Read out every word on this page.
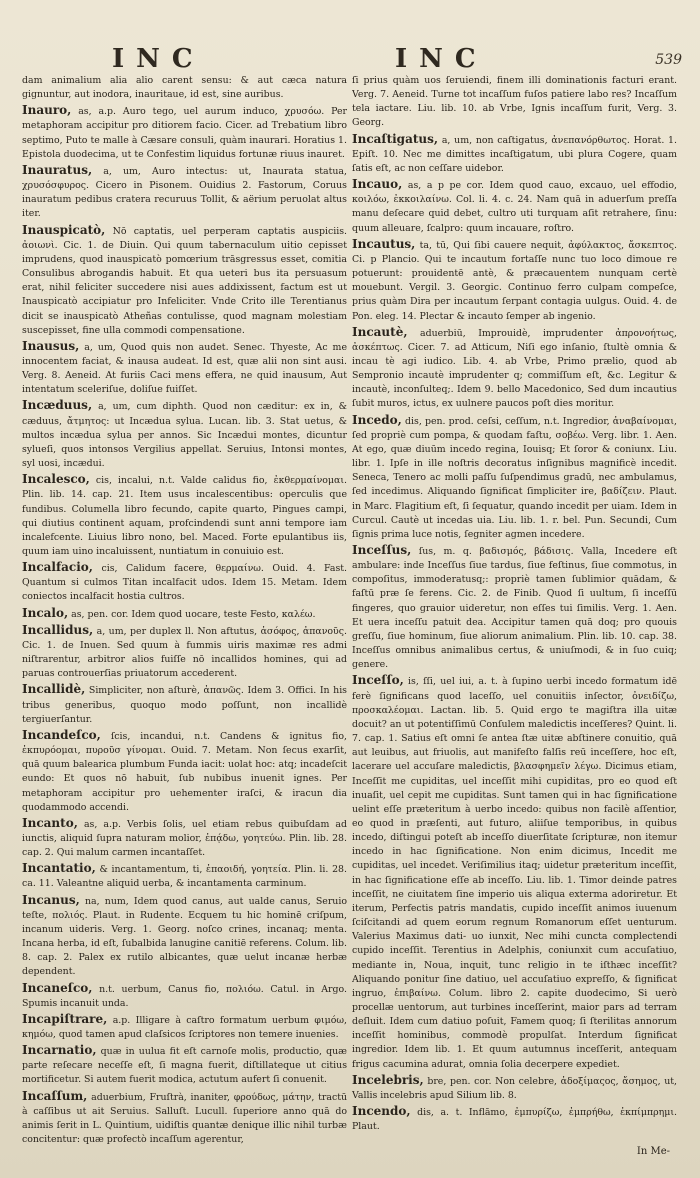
INC	INC	539

dam animalium alia alio carent sensu: & aut cæca natura gignuntur, aut inodora, inauritaue, id est, sine auribus.

Inauro, as, a.p. Auro tego, uel aurum induco, χρυσόω. Per metaphoram accipitur pro ditiorem facio. Cicer. ad Trebatium libro septimo, Puto te malle à Cæsare consuli, quàm inaurari. Horatius 1. Epistola duodecima, ut te Confestim liquidus fortunæ riuus inauret.

Inauratus, a, um, Auro intectus: ut, Inaurata statua, χρυσόσφυρος. Cicero in Pisonem. Ouidius 2. Fastorum, Coruus inauratum pedibus cratera recuruus Tollit, & aërium peruolat altus iter.

Inauspicatò, Nō captatis, uel perperam captatis auspiciis. ἀοιωνὶ. Cic. 1. de Diuin. Qui quum tabernaculum uitio cepisset imprudens, quod inauspicatò pomœrium trāsgressus esset, comitia Consulibus abrogandis habuit. Et qua ueteri bus ita persuasum erat, nihil feliciter succedere nisi aues addixissent, factum est ut Inauspicatò accipiatur pro Infeliciter. Vnde Crito ille Terentianus dicit se inauspicatò Atheñas contulisse, quod magnam molestiam suscepisset, fine ulla commodi compensatione.

Inausus, a, um, Quod quis non audet. Senec. Thyeste, Ac me innocentem faciat, & inausa audeat. Id est, quæ alii non sint ausi. Verg. 8. Aeneid. At furiis Caci mens effera, ne quid inausum, Aut intentatum sceleriſue, doliſue fuiſſet.

Incæduus, a, um, cum diphth. Quod non cæditur: ex in, & cæduus, ἄτμητος: ut Incædua sylua. Lucan. lib. 3. Stat uetus, & multos incædua sylua per annos. Sic Incædui montes, dicuntur sylueſi, quos intonsos Vergilius appellat. Seruius, Intonsi montes, syl uosi, incædui.

Incalesco, cis, incalui, n.t. Valde calidus fio, ἐκθερμαίνομαι. Plin. lib. 14. cap. 21. Item usus incalescentibus: operculis que fundibus. Columella libro fecundo, capite quarto, Pingues campi, qui diutius continent aquam, profcindendi sunt anni tempore iam incalefcente. Liuius libro nono, bel. Maced. Forte epulantibus iis, quum iam uino incaluissent, nuntiatum in conuiuio est.

Incalfacio, cis, Calidum facere, θερμαίνω. Ouid. 4. Fast. Quantum si culmos Titan incalfacit udos. Idem 15. Metam. Idem coniectos incalfacit hostia cultros.

Incalo, as, pen. cor. Idem quod uocare, teste Festo, καλέω.

Incallidus, a, um, per duplex ll. Non aftutus, ἀσόφος, ἀπανοῦς. Cic. 1. de Inuen. Sed quum à fummis uiris maximæ res admi niſtrarentur, arbitror alios fuiſſe nō incallidos homines, qui ad paruas controuerſias priuatorum accederent.

Incallidè, Simpliciter, non aſturè, ἀπανῶς. Idem 3. Offici. In his tribus generibus, quoquo modo poſſunt, non incallidè tergiuerſantur.

Incandeſco, ſcis, incandui, n.t. Candens & ignitus fio, ἐκπυρόομαι, πυροῦσ γίνομαι. Ouid. 7. Metam. Non ſecus exarſit, quā quum balearica plumbum Funda iacit: uolat hoc: atq; incadeſcit eundo: Et quos nō habuit, ſub nubibus inuenit ignes. Per metaphoram accipitur pro uehementer iraſci, & iracun dia quodammodo accendi.

Incanto, as, a.p. Verbis ſolis, uel etiam rebus quibuſdam ad iunctis, aliquid ſupra naturam molior, ἐπᾴδω, γοητεύω. Plin. lib. 28. cap. 2. Qui malum carmen incantaſſet.

Incantatio, & incantamentum, ti, ἐπαοιδή, γοητεία. Plin. li. 28. ca. 11. Valeantne aliquid uerba, & incantamenta carminum.

Incanus, na, num, Idem quod canus, aut ualde canus, Seruio teſte, πολιός. Plaut. in Rudente. Ecquem tu hic hominē criſpum, incanum uideris. Verg. 1. Georg. noſco crines, incanaq; menta. Incana herba, id eſt, ſubalbida lanugine canitiē referens. Colum. lib. 8. cap. 2. Palex ex rutilo albicantes, quæ uelut incanæ herbæ dependent.

Incaneſco, n.t. uerbum, Canus fio, πολιόω. Catul. in Argo. Spumis incanuit unda.

Incapiſtrare, a.p. Illigare à caſtro formatum uerbum φιμόω, κημόω, quod tamen apud claſsicos ſcriptores non temere inuenies.

Incarnatio, quæ in uulua fit eſt carnoſe molis, productio, quæ parte reſecare neceſſe eſt, ſi magna fuerit, diſtillateque ut citius mortificetur. Si autem fuerit modica, actutum aufert ſi conuenit.

Incaſſum, aduerbium, Fruſtrà, inaniter, φρούδως, μάτην, tractū à caſſibus ut ait Seruius. Salluſt. Lucull. ſuperiore anno quā do animis ſerit in L. Quintium, uidiſtis quantæ denique illic nihil turbæ concitentur: quæ profectò incaſſum agerentur,

ſi prius quàm uos ſeruiendi, finem illi dominationis facturi erant. Verg. 7. Aeneid. Turne tot incaſſum fuſos patiere labo res? Incaſſum tela iactare. Liu. lib. 10. ab Vrbe, Ignis incaſſum furit, Verg. 3. Georg.

Incaſtigatus, a, um, non caſtigatus, ἀνεπανόρθωτος. Horat. 1. Epiſt. 10. Nec me dimittes incaſtigatum, ubi plura Cogere, quam ſatis eſt, ac non ceſſare uidebor.

Incauo, as, a p pe cor. Idem quod cauo, excauo, uel effodio, κοιλόω, ἐκκοιλαίνω. Col. li. 4. c. 24. Nam quā in aduerſum preſſa manu deſecare quid debet, cultro uti turquam aſit retrahere, ſinu: quum alleuare, ſcalpro: quum incauare, roſtro.

Incautus, ta, tū, Qui ſibi cauere nequit, ἀφύλακτος, ἄσκεπτος. Ci. p Plancio. Qui te incautum fortaſſe nunc tuo loco dimoue re potuerunt: prouidentē antè, & præcauentem nunquam certè mouebunt. Vergil. 3. Georgic. Continuo ferro culpam compeſce, prius quàm Dira per incautum ſerpant contagia uulgus. Ouid. 4. de Pon. eleg. 14. Plectar & incauto ſemper ab ingenio.

Incautè, aduerbiū, Improuidè, imprudenter ἀπρονοήτως, ἀσκέπτως. Cicer. 7. ad Atticum, Niſi ego inſanio, ſtultè omnia & incau tè agi iudico. Lib. 4. ab Vrbe, Primo prælio, quod ab Sempronio incautè imprudenter q; commiſſum eſt, &c. Legitur & incautè, inconſulteq;. Idem 9. bello Macedonico, Sed dum incautius ſubit muros, ictus, ex uulnere paucos poſt dies moritur.

Incedo, dis, pen. prod. ceſsi, ceſſum, n.t. Ingredior, ἀναβαίνομαι, ſed propriè cum pompa, & quodam faſtu, σοβέω. Verg. libr. 1. Aen. At ego, quæ diuūm incedo regina, Iouisq; Et ſoror & coniunx. Liu. libr. 1. Ipſe in ille noſtris decoratus inſignibus magnificè incedit. Seneca, Tenero ac molli paſſu ſuſpendimus gradū, nec ambulamus, ſed incedimus. Aliquando ſignificat ſimpliciter ire, βαδίζειν. Plaut. in Marc. Flagitium eſt, ſi ſequatur, quando incedit per uiam. Idem in Curcul. Cautè ut incedas uia. Liu. lib. 1. r. bel. Pun. Secundi, Cum ſignis prima luce notis, ſegniter agmen incedere.

Inceſſus, ſus, m. q. βαδισμός, βάδισις. Valla, Incedere eſt ambulare: inde Inceſſus ſiue tardus, ſiue feſtinus, ſiue commotus, in compoſitus, immoderatusq;: propriè tamen ſublimior quādam, & faſtū præ ſe ferens. Cic. 2. de Finib. Quod ſi uultum, ſi inceſſū fingeres, quo grauior uideretur, non eſſes tui ſimilis. Verg. 1. Aen. Et uera inceſſu patuit dea. Accipitur tamen quā doq; pro quouis greſſu, ſiue hominum, ſiue aliorum animalium. Plin. lib. 10. cap. 38. Inceſſus omnibus animalibus certus, & uniuſmodi, & in ſuo cuiq; genere.

Inceſſo, is, ſſi, uel iui, a. t. à ſupino uerbi incedo formatum idē ferè ſignificans quod laceſſo, uel conuitiis inſector, ὀνειδίζω, προσκαλέομαι. Lactan. lib. 5. Quid ergo te magiſtra illa uitæ docuit? an ut potentiſſimū Conſulem maledictis inceſſeres? Quint. li. 7. cap. 1. Satius eſt omni ſe antea ſtæ uitæ abſtinere conuitio, quā aut leuibus, aut friuolis, aut manifeſto falſis reū inceſſere, hoc eſt, lacerare uel accuſare maledictis, βλασφημεῖν λέγω. Dicimus etiam, Inceſſit me cupiditas, uel inceſſit mihi cupiditas, pro eo quod eſt inuaſit, uel cepit me cupiditas. Sunt tamen qui in hac ſignificatione uelint eſſe præteritum à uerbo incedo: quibus non facilè aſſentior, eo quod in præſenti, aut futuro, aliiſue temporibus, in quibus incedo, diſtingui poteſt ab inceſſo diuerſitate ſcripturæ, non itemur incedo in hac ſignificatione. Non enim dicimus, Incedit me cupiditas, uel incedet. Veriſimilius itaq; uidetur præteritum inceſſit, in hac ſignificatione eſſe ab inceſſo. Liu. lib. 1. Timor deinde patres inceſſit, ne ciuitatem ſine imperio uis aliqua exterma adoriretur. Et iterum, Perfectis patris mandatis, cupido inceſſit animos iuuenum ſciſcitandi ad quem eorum regnum Romanorum eſſet uenturum. Valerius Maximus dati- uo iunxit, Nec mihi cuncta complectendi cupido inceſſit. Terentius in Adelphis, coniunxit cum accuſatiuo, mediante in, Noua, inquit, tunc religio in te iſthæc inceſſit? Aliquando ponitur ſine datiuo, uel accuſatiuo expreſſo, & ſignificat ingruo, ἐπιβαίνω. Colum. libro 2. capite duodecimo, Si uerò procellæ uentorum, aut turbines inceſſerint, maior pars ad terram deſluit. Idem cum datiuo poſuit, Famem quoq; ſi ſterilitas annorum inceſſit hominibus, commodè propulſat. Interdum ſignificat ingredior. Idem lib. 1. Et quum autumnus inceſſerit, antequam frigus cacumina adurat, omnia ſolia decerpere expediet.

Incelebris, bre, pen. cor. Non celebre, ἀδοξίμαςος, ἄσημος, ut, Vallis incelebris apud Silium lib. 8.

Incendo, dis, a. t. Inflāmo, ἐμπυρίζω, ἐμπρήθω, ἐκπίμπρημι. Plaut.

In Me-
